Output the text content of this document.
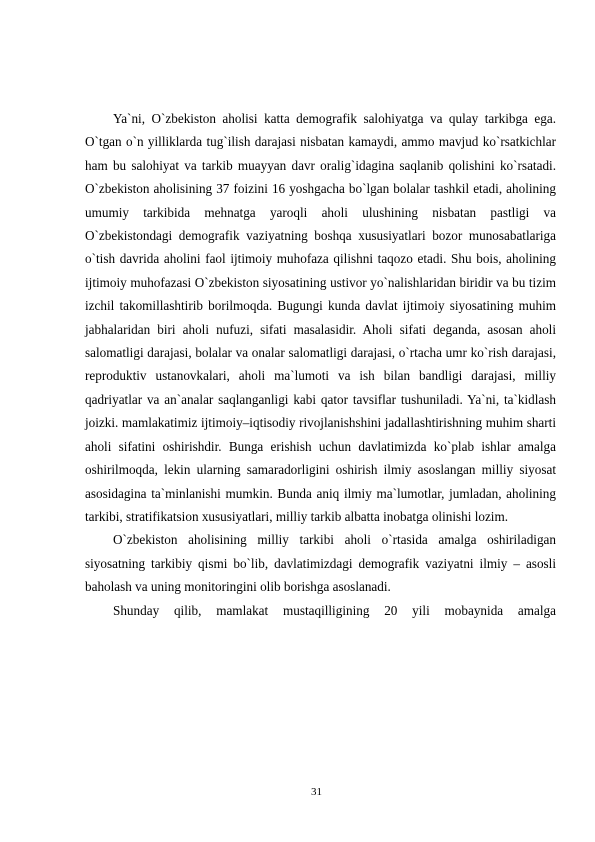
Ya`ni, O`zbekiston aholisi katta demografik salohiyatga va qulay tarkibga ega. O`tgan o`n yilliklarda tug`ilish darajasi nisbatan kamaydi, ammo mavjud ko`rsatkichlar ham bu salohiyat va tarkib muayyan davr oralig`idagina saqlanib qolishini ko`rsatadi. O`zbekiston aholisining 37 foizini 16 yoshgacha bo`lgan bolalar tashkil etadi, aholining umumiy tarkibida mehnatga yaroqli aholi ulushining nisbatan pastligi va O`zbekistondagi demografik vaziyatning boshqa xususiyatlari bozor munosabatlariga o`tish davrida aholini faol ijtimoiy muhofaza qilishni taqozo etadi. Shu bois, aholining ijtimoiy muhofazasi O`zbekiston siyosatining ustivor yo`nalishlaridan biridir va bu tizim izchil takomillashtirib borilmoqda. Bugungi kunda davlat ijtimoiy siyosatining muhim jabhalaridan biri aholi nufuzi, sifati masalasidir. Aholi sifati deganda, asosan aholi salomatligi darajasi, bolalar va onalar salomatligi darajasi, o`rtacha umr ko`rish darajasi, reproduktiv ustanovkalari, aholi ma`lumoti va ish bilan bandligi darajasi, milliy qadriyatlar va an`analar saqlanganligi kabi qator tavsiflar tushuniladi. Ya`ni, ta`kidlash joizki. mamlakatimiz ijtimoiy–iqtisodiy rivojlanishshini jadallashtirishning muhim sharti aholi sifatini oshirishdir. Bunga erishish uchun davlatimizda ko`plab ishlar amalga oshirilmoqda, lekin ularning samaradorligini oshirish ilmiy asoslangan milliy siyosat asosidagina ta`minlanishi mumkin. Bunda aniq ilmiy ma`lumotlar, jumladan, aholining tarkibi, stratifikatsion xususiyatlari, milliy tarkib albatta inobatga olinishi lozim.

O`zbekiston aholisining milliy tarkibi aholi o`rtasida amalga oshiriladigan siyosatning tarkibiy qismi bo`lib, davlatimizdagi demografik vaziyatni ilmiy – asosli baholash va uning monitoringini olib borishga asoslanadi.

Shunday qilib, mamlakat mustaqilligining 20 yili mobaynida amalga

31
